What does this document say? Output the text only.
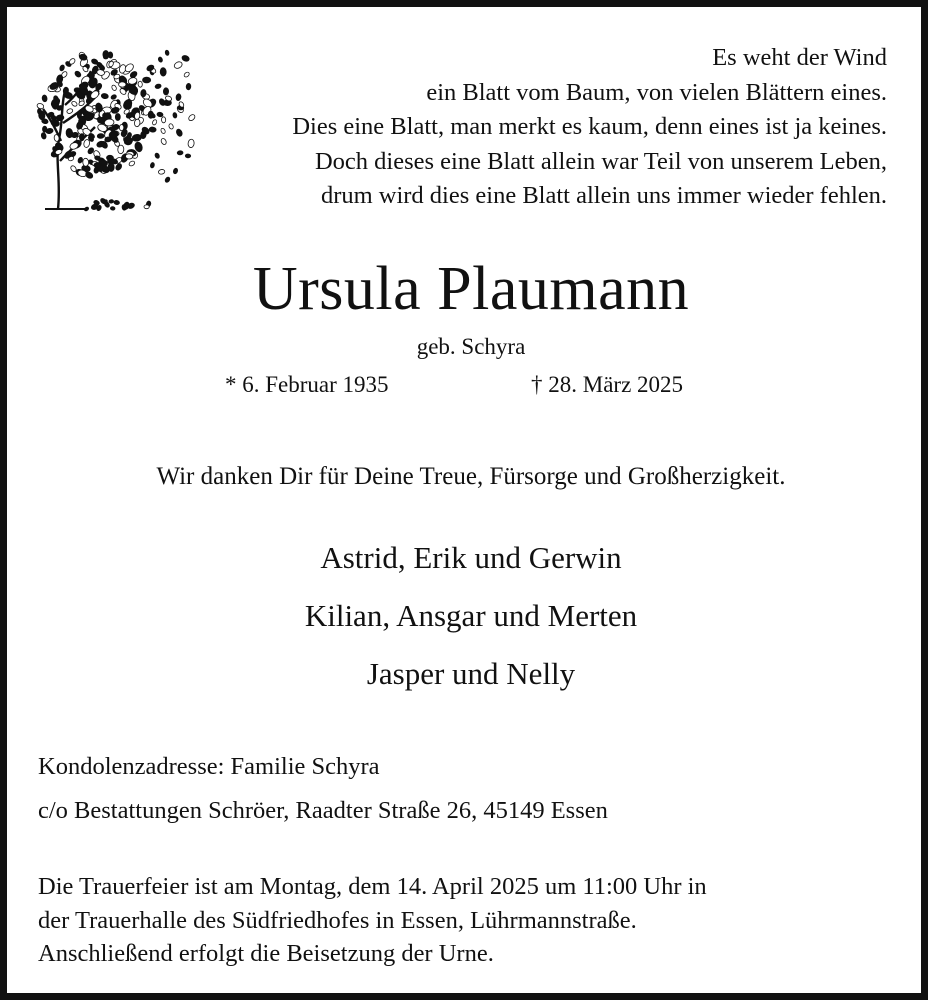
Es weht der Wind
ein Blatt vom Baum, von vielen Blättern eines.
Dies eine Blatt, man merkt es kaum, denn eines ist ja keines.
Doch dieses eine Blatt allein war Teil von unserem Leben,
drum wird dies eine Blatt allein uns immer wieder fehlen.
Ursula Plaumann
geb. Schyra
* 6. Februar 1935	† 28. März 2025
Wir danken Dir für Deine Treue, Fürsorge und Großherzigkeit.
Astrid, Erik und Gerwin
Kilian, Ansgar und Merten
Jasper und Nelly
Kondolenzadresse: Familie Schyra
c/o Bestattungen Schröer, Raadter Straße 26, 45149 Essen
Die Trauerfeier ist am Montag, dem 14. April 2025 um 11:00 Uhr in
der Trauerhalle des Südfriedhofes in Essen, Lührmannstraße.
Anschließend erfolgt die Beisetzung der Urne.
